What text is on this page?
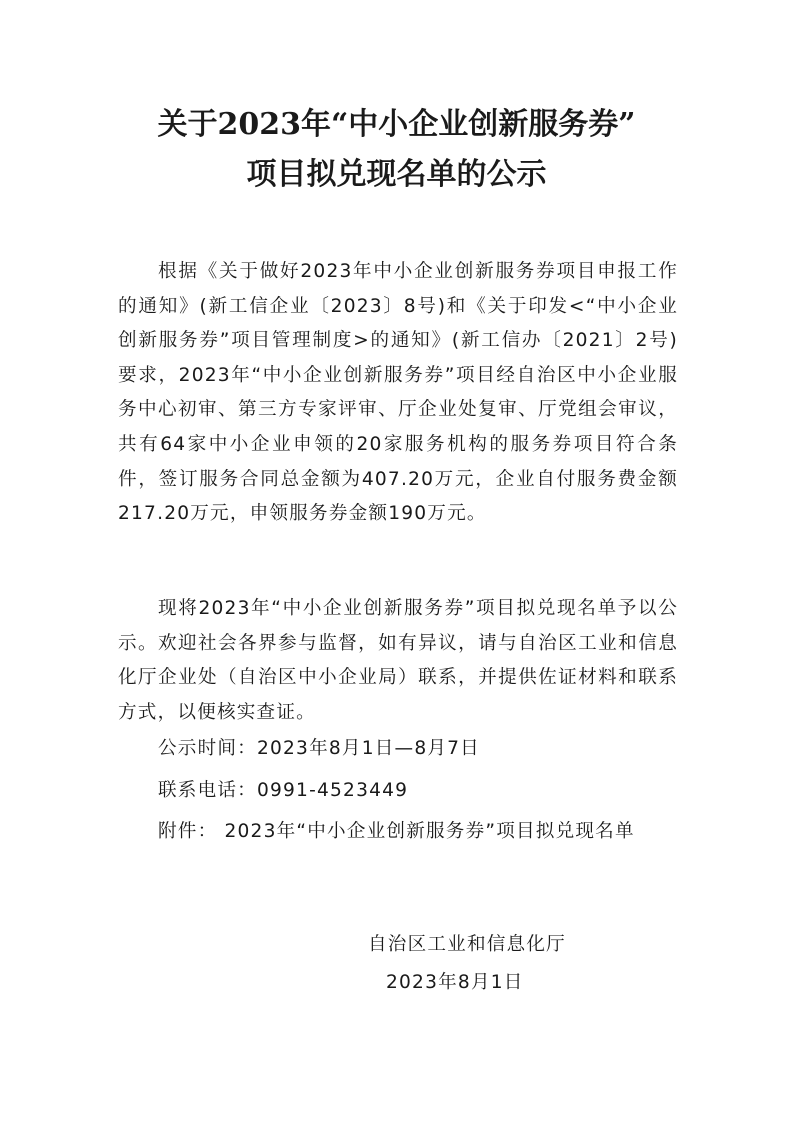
关于2023年“中小企业创新服务券”
项目拟兑现名单的公示
根据《关于做好2023年中小企业创新服务券项目申报工作的通知》(新工信企业〔2023〕8号)和《关于印发<“中小企业创新服务券”项目管理制度>的通知》(新工信办〔2021〕2号)要求，2023年“中小企业创新服务券”项目经自治区中小企业服务中心初审、第三方专家评审、厅企业处复审、厅党组会审议，共有64家中小企业申领的20家服务机构的服务券项目符合条件，签订服务合同总金额为407.20万元，企业自付服务费金额217.20万元，申领服务券金额190万元。
现将2023年“中小企业创新服务券”项目拟兑现名单予以公示。欢迎社会各界参与监督，如有异议，请与自治区工业和信息化厅企业处（自治区中小企业局）联系，并提供佐证材料和联系方式，以便核实查证。
公示时间：2023年8月1日—8月7日
联系电话：0991-4523449
附件： 2023年“中小企业创新服务券”项目拟兑现名单
自治区工业和信息化厅
2023年8月1日
